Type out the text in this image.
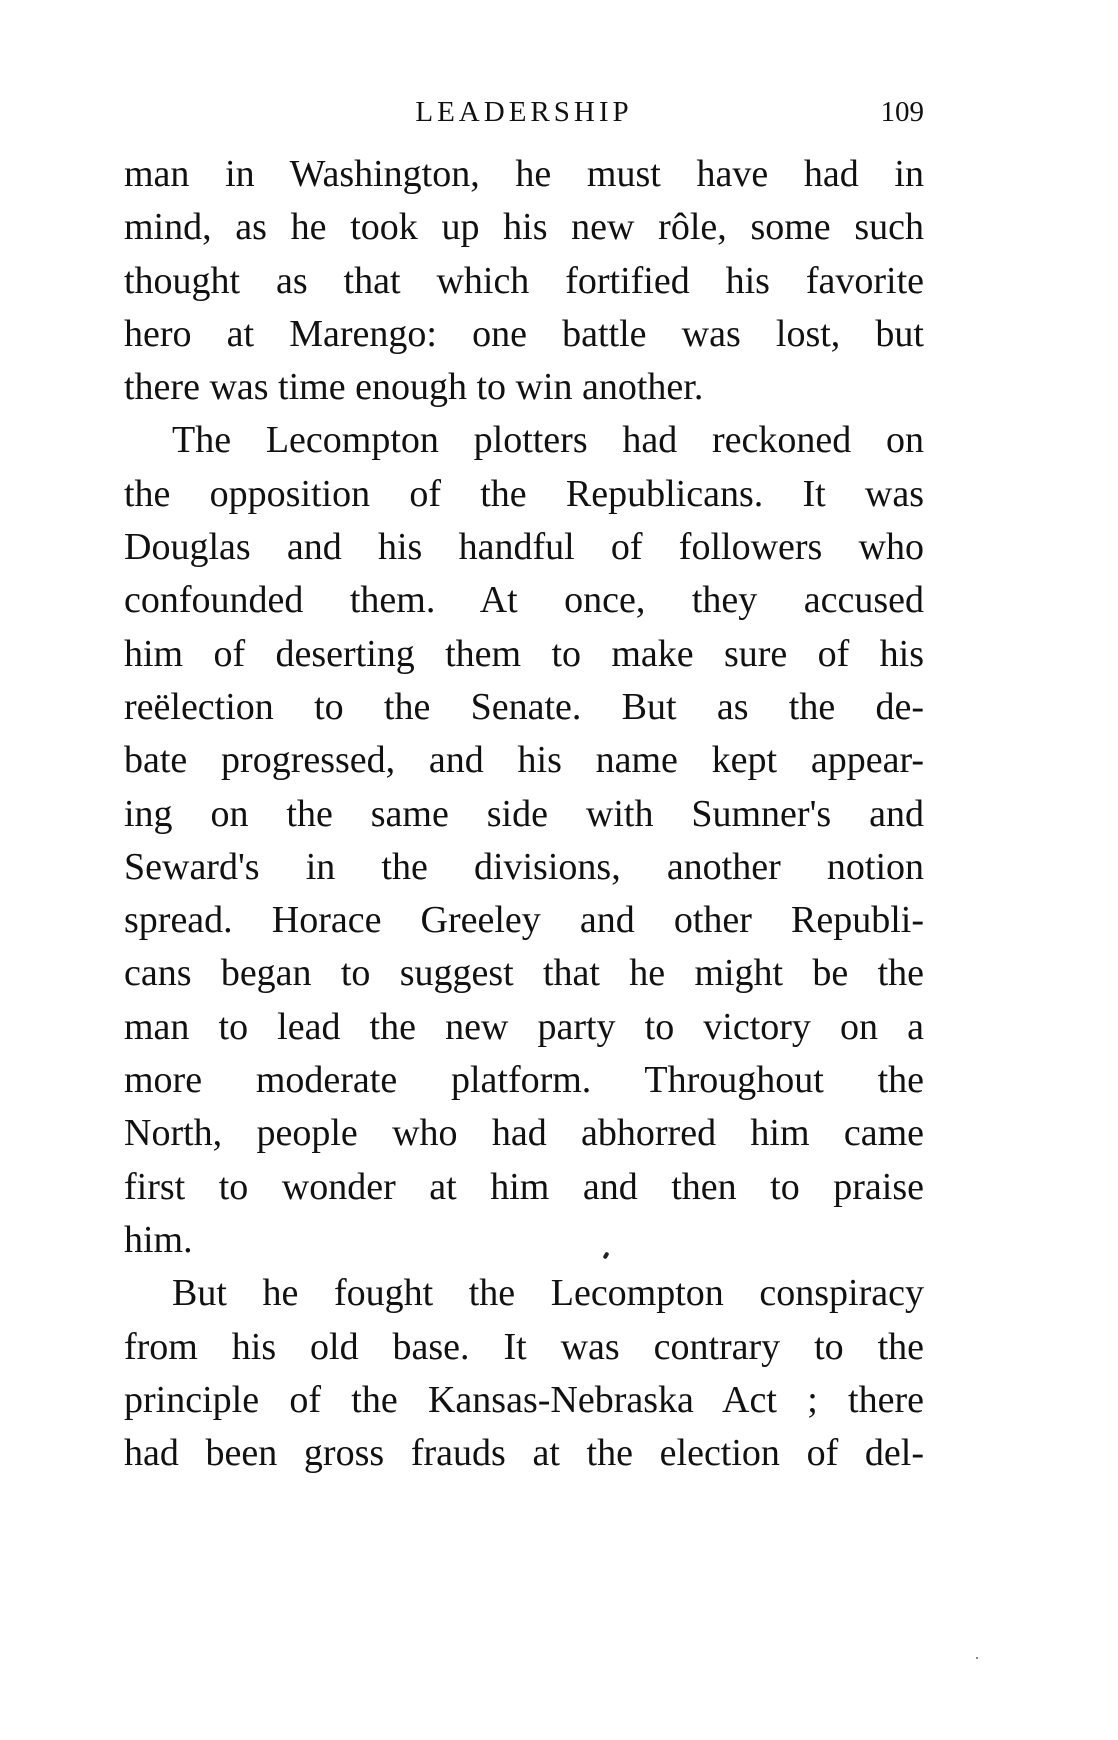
LEADERSHIP	109
man in Washington, he must have had in
mind, as he took up his new rôle, some such
thought as that which fortified his favorite
hero at Marengo: one battle was lost, but
there was time enough to win another.
The Lecompton plotters had reckoned on
the opposition of the Republicans. It was
Douglas and his handful of followers who
confounded them. At once, they accused
him of deserting them to make sure of his
reëlection to the Senate. But as the de-
bate progressed, and his name kept appear-
ing on the same side with Sumner's and
Seward's in the divisions, another notion
spread. Horace Greeley and other Republi-
cans began to suggest that he might be the
man to lead the new party to victory on a
more moderate platform. Throughout the
North, people who had abhorred him came
first to wonder at him and then to praise
him.
But he fought the Lecompton conspiracy
from his old base. It was contrary to the
principle of the Kansas-Nebraska Act ; there
had been gross frauds at the election of del-
